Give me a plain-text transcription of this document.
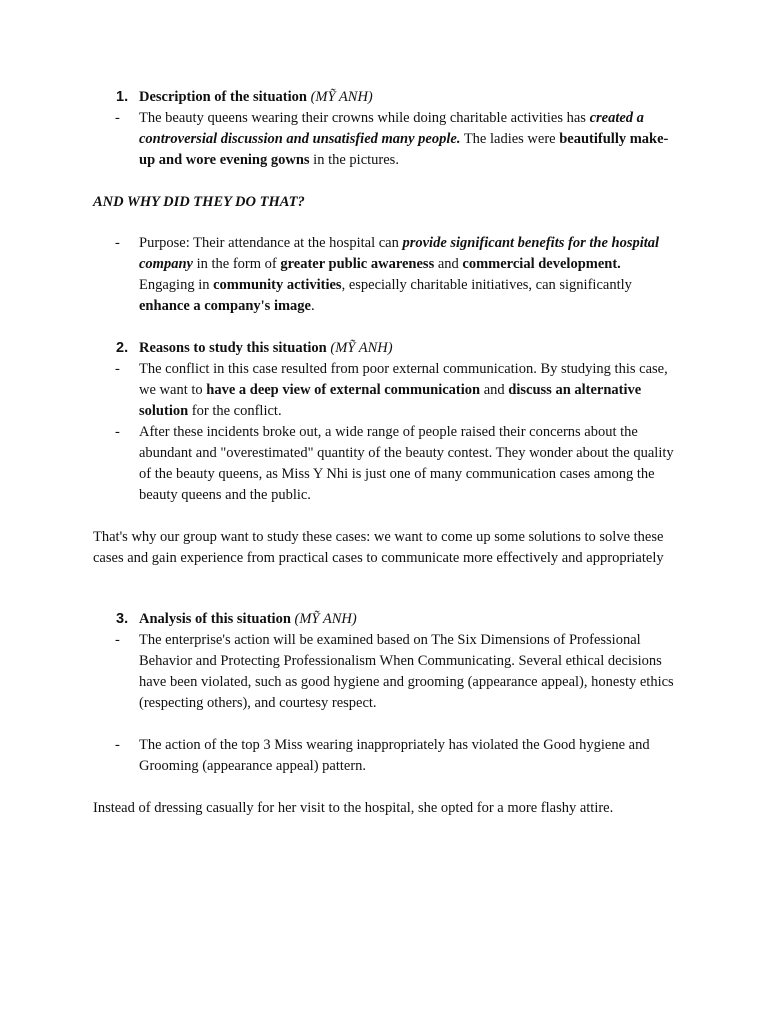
1. Description of the situation (MỸ ANH)
- The beauty queens wearing their crowns while doing charitable activities has created a controversial discussion and unsatisfied many people. The ladies were beautifully make-up and wore evening gowns in the pictures.
AND WHY DID THEY DO THAT?
- Purpose: Their attendance at the hospital can provide significant benefits for the hospital company in the form of greater public awareness and commercial development. Engaging in community activities, especially charitable initiatives, can significantly enhance a company's image.
2. Reasons to study this situation (MỸ ANH)
- The conflict in this case resulted from poor external communication. By studying this case, we want to have a deep view of external communication and discuss an alternative solution for the conflict.
- After these incidents broke out, a wide range of people raised their concerns about the abundant and "overestimated" quantity of the beauty contest. They wonder about the quality of the beauty queens, as Miss Y Nhi is just one of many communication cases among the beauty queens and the public.
That's why our group want to study these cases: we want to come up some solutions to solve these cases and gain experience from practical cases to communicate more effectively and appropriately
3. Analysis of this situation (MỸ ANH)
- The enterprise's action will be examined based on The Six Dimensions of Professional Behavior and Protecting Professionalism When Communicating. Several ethical decisions have been violated, such as good hygiene and grooming (appearance appeal), honesty ethics (respecting others), and courtesy respect.
- The action of the top 3 Miss wearing inappropriately has violated the Good hygiene and Grooming (appearance appeal) pattern.
Instead of dressing casually for her visit to the hospital, she opted for a more flashy attire.
